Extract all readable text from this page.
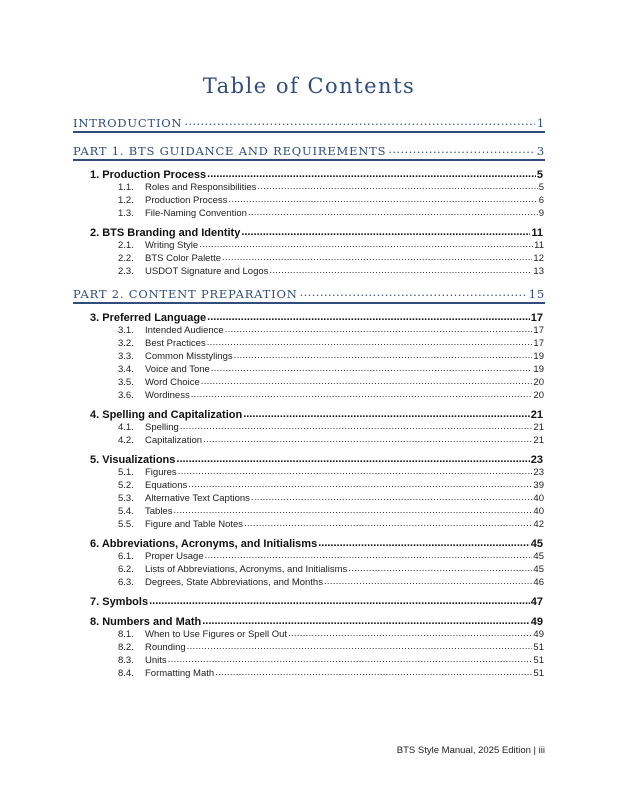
Table of Contents
INTRODUCTION .....	1
PART 1. BTS GUIDANCE AND REQUIREMENTS .....	3
1. Production Process .....	5
1.1.	Roles and Responsibilities .....	5
1.2.	Production Process .....	6
1.3.	File-Naming Convention .....	9
2. BTS Branding and Identity .....	11
2.1.	Writing Style .....	11
2.2.	BTS Color Palette .....	12
2.3.	USDOT Signature and Logos .....	13
PART 2. CONTENT PREPARATION .....	15
3. Preferred Language .....	17
3.1.	Intended Audience .....	17
3.2.	Best Practices .....	17
3.3.	Common Misstylings .....	19
3.4.	Voice and Tone .....	19
3.5.	Word Choice .....	20
3.6.	Wordiness .....	20
4. Spelling and Capitalization .....	21
4.1.	Spelling .....	21
4.2.	Capitalization .....	21
5. Visualizations .....	23
5.1.	Figures .....	23
5.2.	Equations .....	39
5.3.	Alternative Text Captions .....	40
5.4.	Tables .....	40
5.5.	Figure and Table Notes .....	42
6. Abbreviations, Acronyms, and Initialisms .....	45
6.1.	Proper Usage .....	45
6.2.	Lists of Abbreviations, Acronyms, and Initialisms .....	45
6.3.	Degrees, State Abbreviations, and Months .....	46
7. Symbols .....	47
8. Numbers and Math .....	49
8.1.	When to Use Figures or Spell Out .....	49
8.2.	Rounding .....	51
8.3.	Units .....	51
8.4.	Formatting Math .....	51
BTS Style Manual, 2025 Edition | iii
